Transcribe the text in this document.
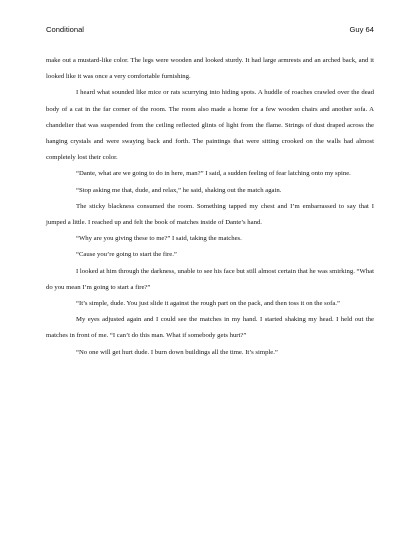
Conditional	Guy 64

make out a mustard-like color. The legs were wooden and looked sturdy. It had large armrests and an arched back, and it looked like it was once a very comfortable furnishing.

I heard what sounded like mice or rats scurrying into hiding spots. A huddle of roaches crawled over the dead body of a cat in the far corner of the room. The room also made a home for a few wooden chairs and another sofa. A chandelier that was suspended from the ceiling reflected glints of light from the flame. Strings of dust draped across the hanging crystals and were swaying back and forth. The paintings that were sitting crooked on the walls had almost completely lost their color.

“Dante, what are we going to do in here, man?” I said, a sudden feeling of fear latching onto my spine.

“Stop asking me that, dude, and relax,” he said, shaking out the match again.

The sticky blackness consumed the room. Something tapped my chest and I’m embarrassed to say that I jumped a little. I reached up and felt the book of matches inside of Dante’s hand.

“Why are you giving these to me?” I said, taking the matches.

“Cause you’re going to start the fire.”

I looked at him through the darkness, unable to see his face but still almost certain that he was smirking. “What do you mean I’m going to start a fire?”

“It’s simple, dude. You just slide it against the rough part on the pack, and then toss it on the sofa.”

My eyes adjusted again and I could see the matches in my hand. I started shaking my head. I held out the matches in front of me. “I can’t do this man. What if somebody gets hurt?”

“No one will get hurt dude. I burn down buildings all the time. It’s simple.”
